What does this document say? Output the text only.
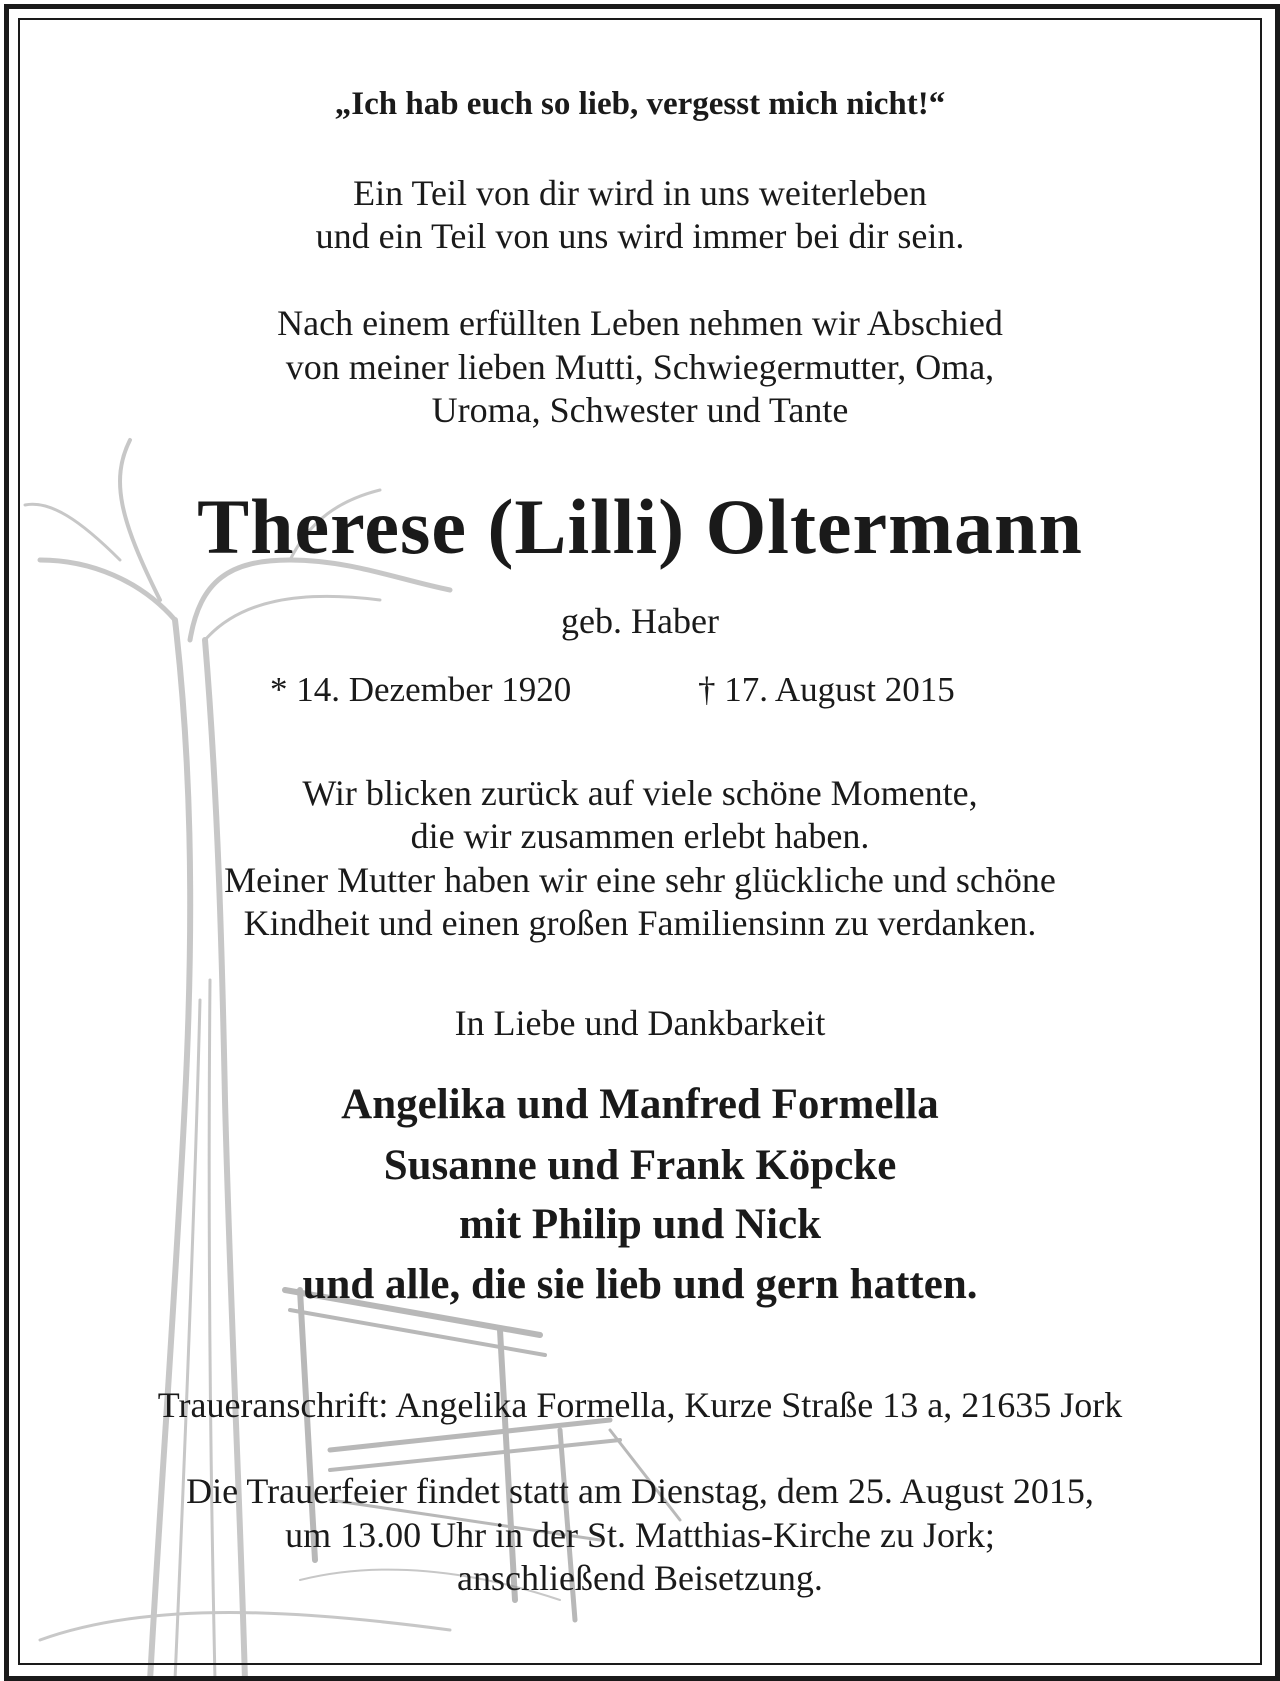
„Ich hab euch so lieb, vergesst mich nicht!“
Ein Teil von dir wird in uns weiterleben
und ein Teil von uns wird immer bei dir sein.
Nach einem erfüllten Leben nehmen wir Abschied
von meiner lieben Mutti, Schwiegermutter, Oma,
Uroma, Schwester und Tante
Therese (Lilli) Oltermann
geb. Haber
* 14. Dezember 1920	† 17. August 2015
Wir blicken zurück auf viele schöne Momente,
die wir zusammen erlebt haben.
Meiner Mutter haben wir eine sehr glückliche und schöne
Kindheit und einen großen Familiensinn zu verdanken.
In Liebe und Dankbarkeit
Angelika und Manfred Formella
Susanne und Frank Köpcke
mit Philip und Nick
und alle, die sie lieb und gern hatten.
Traueranschrift: Angelika Formella, Kurze Straße 13 a, 21635 Jork
Die Trauerfeier findet statt am Dienstag, dem 25. August 2015,
um 13.00 Uhr in der St. Matthias-Kirche zu Jork;
anschließend Beisetzung.
